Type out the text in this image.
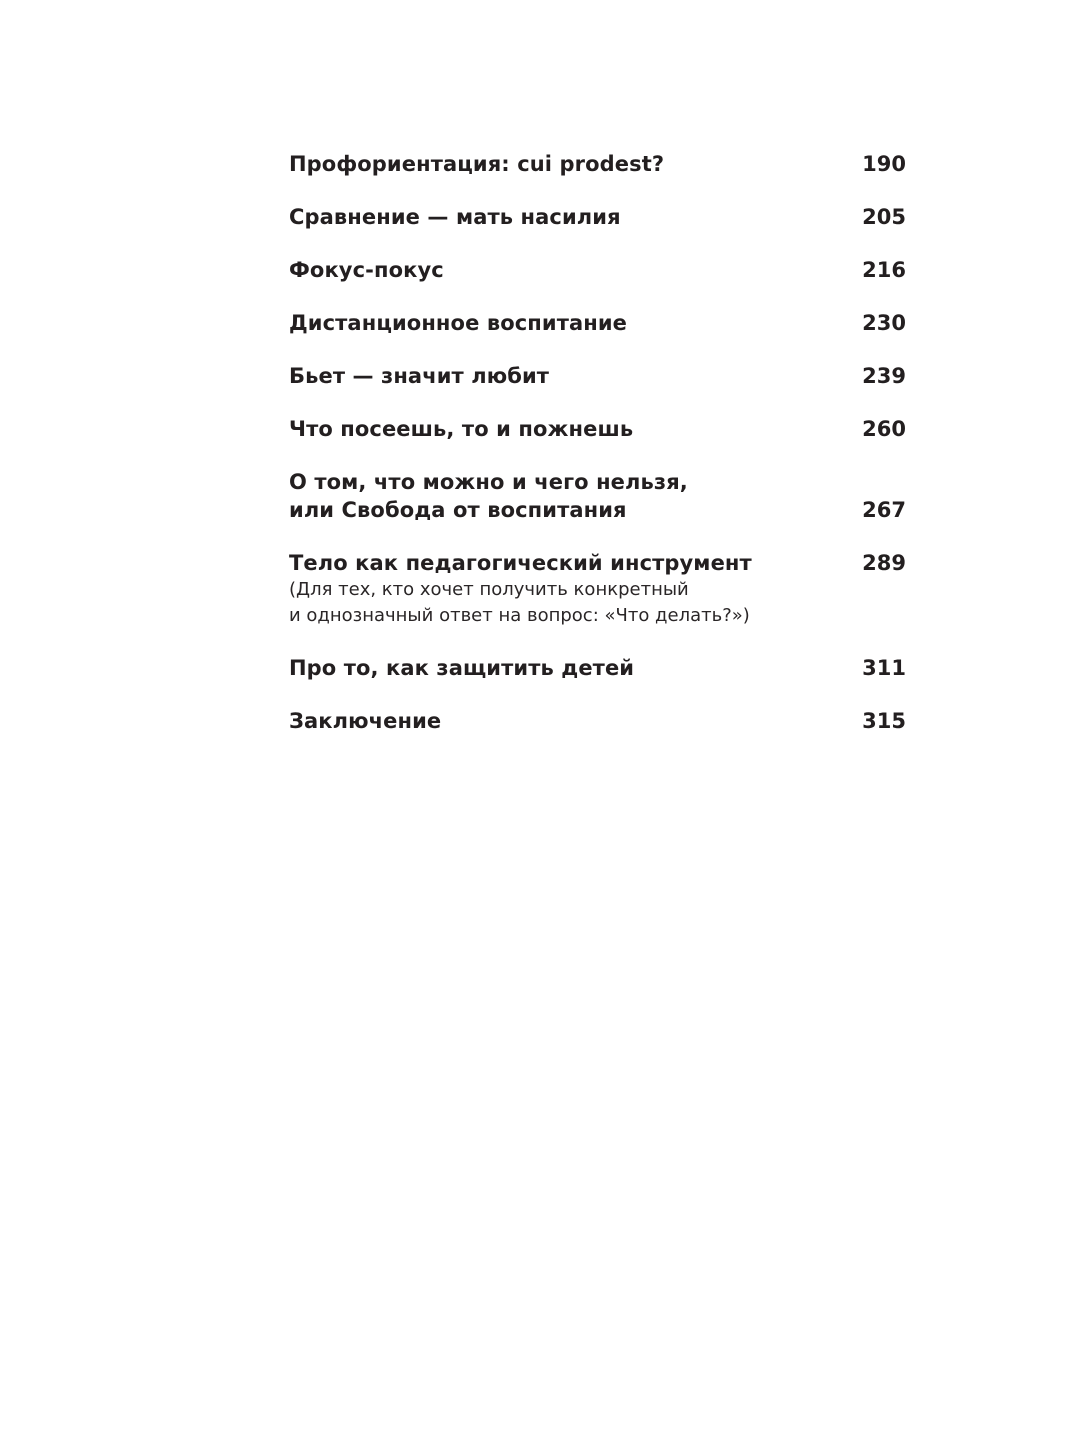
Профориентация: cui prodest?	190
Сравнение — мать насилия	205
Фокус-покус	216
Дистанционное воспитание	230
Бьет — значит любит	239
Что посеешь, то и пожнешь	260
О том, что можно и чего нельзя,
или Свобода от воспитания	267
Тело как педагогический инструмент	289
(Для тех, кто хочет получить конкретный
и однозначный ответ на вопрос: «Что делать?»)
Про то, как защитить детей	311
Заключение	315
